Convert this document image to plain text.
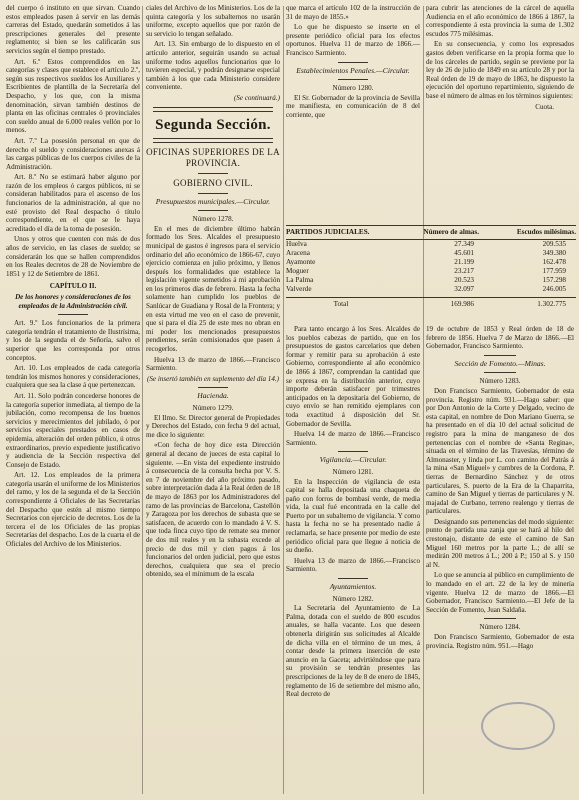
del cuerpo ó instituto en que sirvan. Cuando estos empleados pasen á servir en las demás carreras del Estado, quedarán sometidos á las prescripciones generales del presente reglamento; si bien se les calificarán sus servicios según el tiempo prestado.

Art. 6.º Estos comprendidos en las categorías y clases que establece el artículo 2.º, según sus respectivos sueldos los Auxiliares y Escribientes de plantilla de la Secretaría del Despacho, y los que, con la misma denominación, sirvan también destinos de planta en las oficinas centrales ó provinciales con sueldo anual de 6.000 reales vellón por lo menos.

Art. 7.º La posesión personal en que de derecho el sueldo y consideraciones anexas á las cargas públicas de los cuerpos civiles de la Administración.

Art. 8.º No se estimará haber alguno por razón de los empleos ó cargos públicos, ni se consideran habilitados para el ascenso de los funcionarios de la administración, al que no esté provisto del Real despacho ó título correspondiente, en el que se le haya acreditado el día de la toma de posesión.

Unos y otros que cuenten con más de dos años de servicio, en las clases de sueldo; se considerarán los que se hallen comprendidos en los Reales decretos de 28 de Noviembre de 1851 y 12 de Setiembre de 1861.

CAPÍTULO II.
De los honores y consideraciones de los empleados de la Administración civil.

Art. 9.º Los funcionarios de la primera categoría tendrán el tratamiento de Ilustrísima, y los de la segunda el de Señoría, salvo el superior que les corresponda por otros conceptos.

Art. 10. Los empleados de cada categoría tendrán los mismos honores y consideraciones, cualquiera que sea la clase á que pertenezcan.

Art. 11. Solo podrán concederse honores de la categoría superior inmediata, al tiempo de la jubilación, como recompensa de los buenos servicios y merecimientos del jubilado, ó por servicios especiales prestados en casos de epidemia, alteración del orden público, ú otros extraordinarios, previo expediente justificativo y audiencia de la Sección respectiva del Consejo de Estado.

Art. 12. Los empleados de la primera categoría usarán el uniforme de los Ministerios del ramo, y los de la segunda el de la Sección correspondiente á Oficiales de las Secretarías del Despacho que estén al mismo tiempo Secretarios con ejercicio de decretos. Los de la tercera el de los Oficiales de las propias Secretarías del despacho. Los de la cuarta el de Oficiales del Archivo de los Ministerios.

ciales del Archivo de los Ministerios. Los de la quinta categoría y los subalternos no usarán uniforme, excepto aquellos que por razón de su servicio lo tengan señalado.

Art. 13. Sin embargo de lo dispuesto en el artículo anterior, seguirán usando su actual uniforme todos aquellos funcionarios que lo tuvieren especial, y podrán designarse especial también á los que cada Ministerio considere conveniente.

(Se continuará.)
Segunda Sección.
OFICINAS SUPERIORES DE LA PROVINCIA.
GOBIERNO CIVIL.
Presupuestos municipales.—Circular.
Número 1278.

En el mes de diciembre último habrán formado los Sres. Alcaldes el presupuesto municipal de gastos é ingresos para el servicio ordinario del año económico de 1866-67, cuyo ejercicio comienza en julio próximo, y llenos después los formalidades que establece la legislación vigente sometidos á mi aprobación en los primeros días de febrero. Hasta la fecha solamente han cumplido los pueblos de Sanlúcar de Guadiana y Rosal de la Frontera; y en esta virtud me veo en el caso de prevenir, que si para el día 25 de este mes no obran en mi poder los mencionados presupuestos pendientes, serán comisionados que pasen á recogerlos.

Huelva 13 de marzo de 1866.—Francisco Sarmiento.

(Se insertó también en suplemento del día 14.)
Hacienda.
Número 1279.

El Ilmo. Sr. Director general de Propiedades y Derechos del Estado, con fecha 9 del actual, me dice lo siguiente:

«Con fecha de hoy dice esta Dirección general al decano de jueces de esta capital lo siguiente. —En vista del expediente instruido á consecuencia de la consulta hecha por V. S. en 7 de noviembre del año próximo pasado, sobre interpretación dada á la Real órden de 18 de mayo de 1863 por los Administradores del ramo de las provincias de Barcelona, Castellón y Zaragoza por los derechos de subasta que se satisfacen, de acuerdo con lo mandado á V. S. que toda finca cuyo tipo de remate sea menor de dos mil reales y en la subasta excede al precio de dos mil y cien pagos á los funcionarios del orden judicial, pero que estos derechos, cualquiera que sea el precio obtenido, sea el mínimum de la escala

que marca el artículo 102 de la instrucción de 31 de mayo de 1855.»

Lo que he dispuesto se inserte en el presente periódico oficial para los efectos oportunos. Huelva 11 de marzo de 1866.—Francisco Sarmiento.

Establecimientos Penales.—Circular.
Número 1280.

El Sr. Gobernador de la provincia de Sevilla me manifiesta, en comunicación de 8 del corriente, que

para cubrir las atenciones de la cárcel de aquella Audiencia en el año económico de 1866 á 1867, la correspondiente á esta provincia la suma de 1.302 escudos 775 milésimas.

En su consecuencia, y como los expresados gastos deben verificarse en la propia forma que lo de los cárceles de partido, según se previene por la ley de 26 de julio de 1849 en su artículo 28 y por la Real órden de 19 de mayo de 1863, he dispuesto la ejecución del oportuno repartimiento, siguiendo de base el número de almas en los términos siguientes:

Cuota.
PARTIDOS JUDICIALES.	Número de almas.	Escudos milésimas.
Huelva	27.349	209.535
Aracena	45.601	349.380
Ayamonte	21.199	162.478
Moguer	23.217	177.959
La Palma	20.523	157.298
Valverde	32.097	246.005
Total	169.986	1.302.775

Para tanto encargo á los Sres. Alcaldes de los pueblos cabezas de partido, que en los presupuestos de gastos carcelarios que deben formar y remitir para su aprobación á este Gobierno, correspondiente al año económico de 1866 á 1867, comprendan la cantidad que se expresa en la distribución anterior, cuyo importe deberán satisfacer por trimestres anticipados en la depositaría del Gobierno, de cuyo envío se han remitido ejemplares con toda exactitud á disposición del Sr. Gobernador de Sevilla.

Huelva 14 de marzo de 1866.—Francisco Sarmiento.

Vigilancia.—Circular.
Número 1281.

En la Inspección de vigilancia de esta capital se halla depositada una chaqueta de paño con forros de bombasí verde, de media vida, la cual fué encontrada en la calle del Puerto por un subalterno de vigilancia. Y como hasta la fecha no se ha presentado nadie á reclamarla, se hace presente por medio de este periódico oficial para que llegue á noticia de su dueño.

Huelva 13 de marzo de 1866.—Francisco Sarmiento.

Ayuntamientos.
Número 1282.

La Secretaría del Ayuntamiento de La Palma, dotada con el sueldo de 800 escudos anuales, se halla vacante. Los que deseen obtenerla dirigirán sus solicitudes al Alcalde de dicha villa en el término de un mes, á contar desde la primera inserción de este anuncio en la Gaceta; advirtiéndose que para su provisión se tendrán presentes las prescripciones de la ley de 8 de enero de 1845, reglamento de 16 de setiembre del mismo año, Real decreto de

19 de octubre de 1853 y Real órden de 18 de febrero de 1856. Huelva 7 de Marzo de 1866.—El Gobernador, Francisco Sarmiento.

Sección de Fomento.—Minas.
Número 1283.

Don Francisco Sarmiento, Gobernador de esta provincia. Registro núm. 931.—Hago saber: que por Don Antonio de la Corte y Delgado, vecino de esta capital, en nombre de Don Mariano Guerra, se ha presentado en el día 10 del actual solicitud de registro para la mina de manganeso de dos pertenencias con el nombre de «Santa Regina», situada en el término de las Travesías, término de Almonaster, y linda por L. con camino del Patrás á la mina «San Miguel» y cumbres de la Cordona, P. tierras de Bernardino Sánchez y de otros particulares, S. puerto de la Era de la Chaparrita, camino de San Miguel y tierras de particulares y N. majadal de Curbano, terreno realengo y tierras de particulares.

Designando sus pertenencias del modo siguiente: punto de partida una zanja que se hará al hilo del crestonajo, distante de este el camino de San Miguel 160 metros por la parte L.; de allí se medirán 200 metros á L.; 200 á P.; 150 al S. y 150 al N.

Lo que se anuncia al público en cumplimiento de lo mandado en el art. 22 de la ley de minería vigente. Huelva 12 de marzo de 1866.—El Gobernador, Francisco Sarmiento.—El Jefe de la Sección de Fomento, Juan Saldaña.

Número 1284.

Don Francisco Sarmiento, Gobernador de esta provincia. Registro núm. 951.—Hago
